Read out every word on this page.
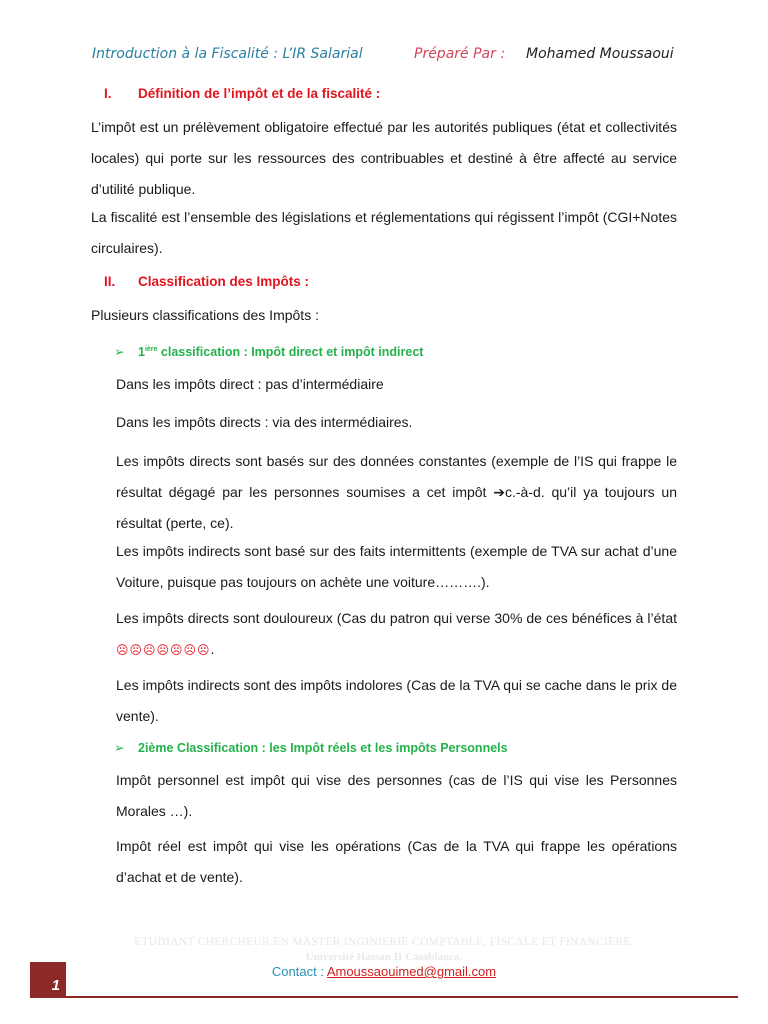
Introduction à la Fiscalité : L’IR Salarial	Préparé Par : Mohamed Moussaoui
I. Définition de l’impôt et de la fiscalité :

L’impôt est un prélèvement obligatoire effectué par les autorités publiques (état et collectivités locales) qui porte sur les ressources des contribuables et destiné à être affecté au service d’utilité publique.

La fiscalité est l’ensemble des législations et réglementations qui régissent l’impôt (CGI+Notes circulaires).

II. Classification des Impôts :

Plusieurs classifications des Impôts :

➢ $1^{ière}$ classification : Impôt direct et impôt indirect

Dans les impôts direct : pas d’intermédiaire

Dans les impôts directs : via des intermédiaires.

Les impôts directs sont basés sur des données constantes (exemple de l’IS qui frappe le résultat dégagé par les personnes soumises a cet impôt ➔c.-à-d. qu’il ya toujours un résultat (perte, ce).

Les impôts indirects sont basé sur des faits intermittents (exemple de TVA sur achat d’une Voiture, puisque pas toujours on achète une voiture……….).

Les impôts directs sont douloureux (Cas du patron qui verse 30% de ces bénéfices à l’état☹☹☹☹☹☹☹.

Les impôts indirects sont des impôts indolores (Cas de la TVA qui se cache dans le prix de vente).

➢ 2ième Classification : les Impôt réels et les impôts Personnels

Impôt personnel est impôt qui vise des personnes (cas de l’IS qui vise les Personnes Morales …).

Impôt réel est impôt qui vise les opérations (Cas de la TVA qui frappe les opérations d’achat et de vente).

ETUDIANT CHERCHEUR EN MASTER INGINIERIE COMPTABLE, FISCALE ET FINANCIERE.
Université Hassan II Casablanca.
Contact : Amoussaouimed@gmail.com
1
